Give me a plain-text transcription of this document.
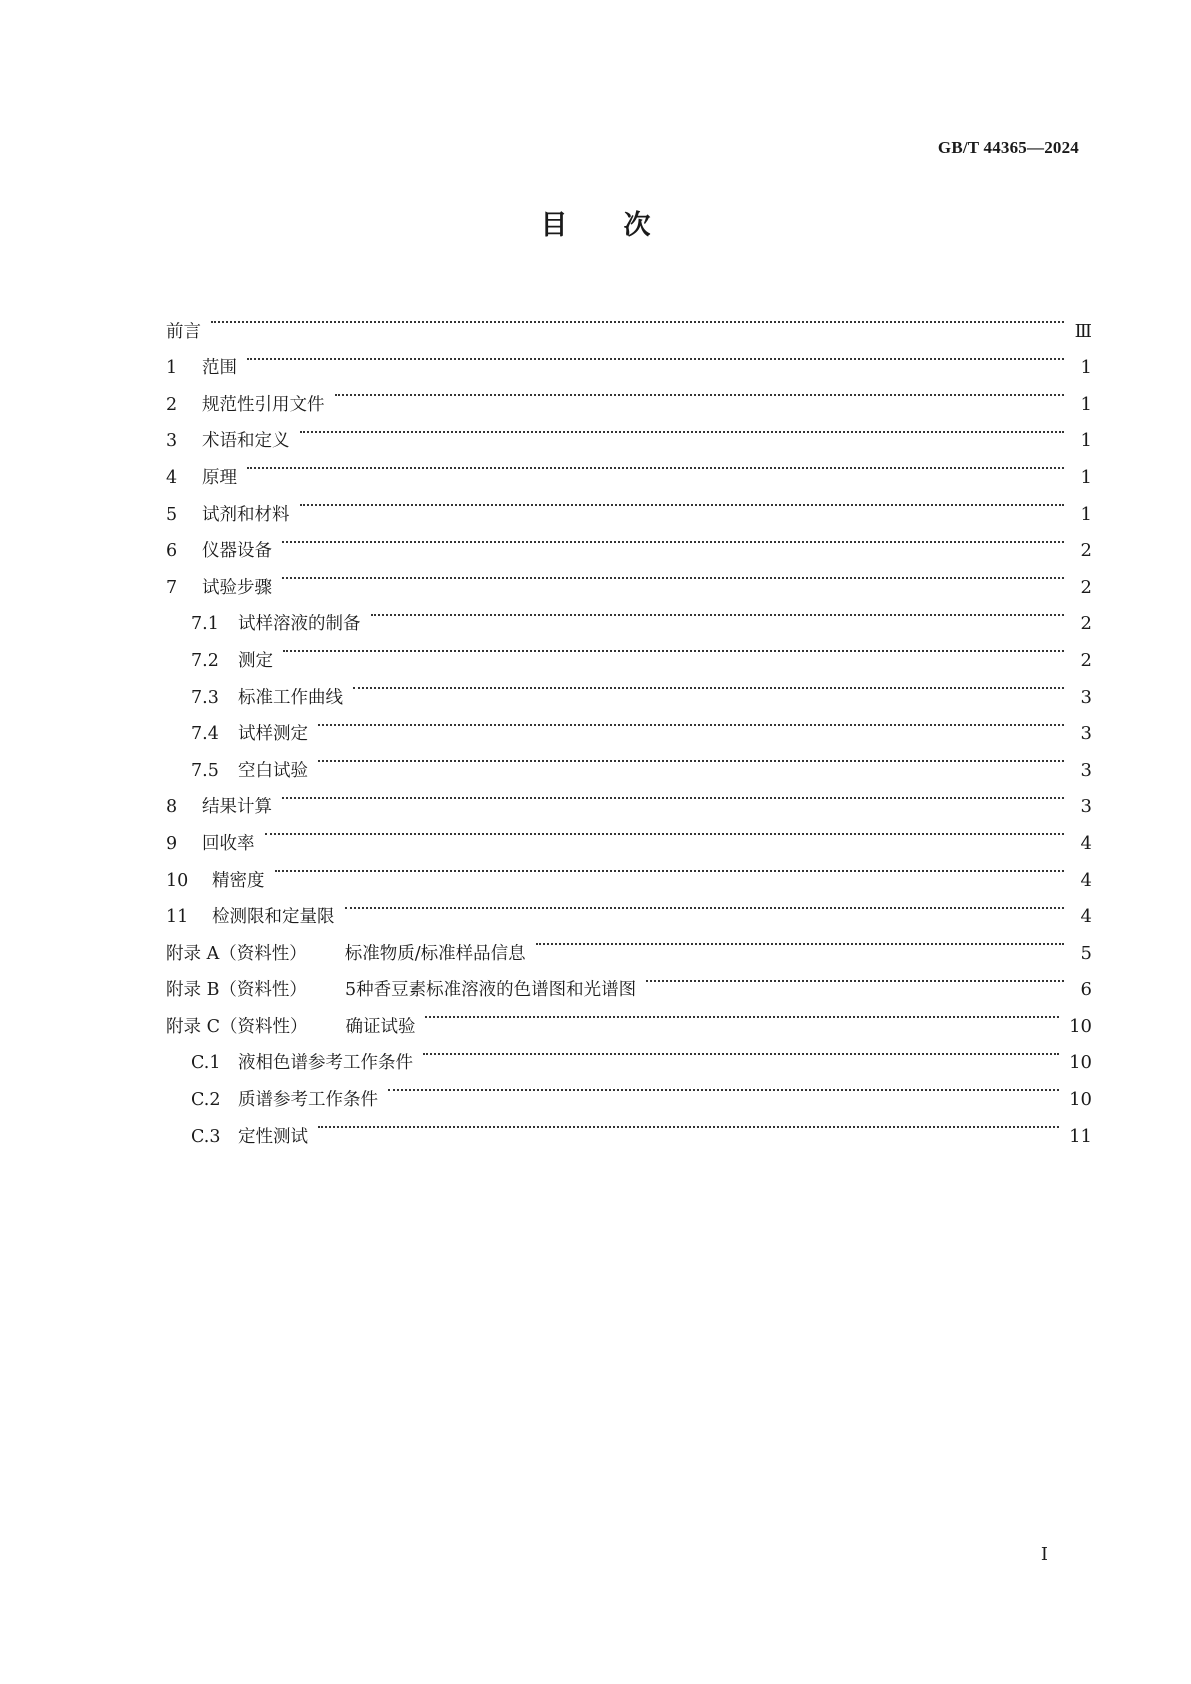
GB/T 44365—2024
目次
前言	Ⅲ
1	范围	1
2	规范性引用文件	1
3	术语和定义	1
4	原理	1
5	试剂和材料	1
6	仪器设备	2
7	试验步骤	2
7.1	试样溶液的制备	2
7.2	测定	2
7.3	标准工作曲线	3
7.4	试样测定	3
7.5	空白试验	3
8	结果计算	3
9	回收率	4
10	精密度	4
11	检测限和定量限	4
附录 A（资料性）	标准物质/标准样品信息	5
附录 B（资料性）	5种香豆素标准溶液的色谱图和光谱图	6
附录 C（资料性）	确证试验	10
C.1	液相色谱参考工作条件	10
C.2	质谱参考工作条件	10
C.3	定性测试	11
I
